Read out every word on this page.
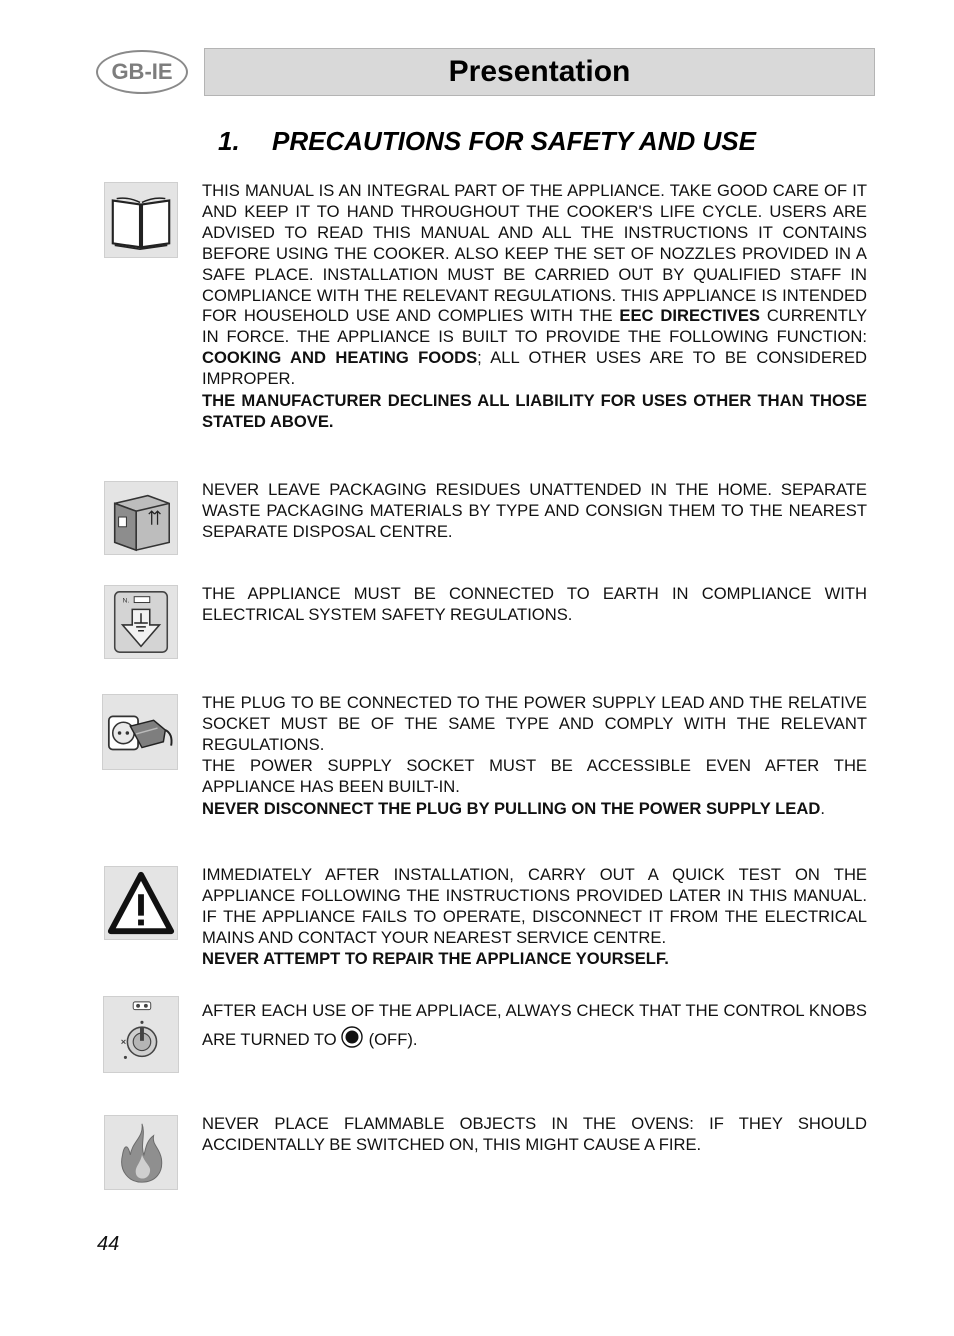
GB-IE	Presentation
1. PRECAUTIONS FOR SAFETY AND USE

THIS MANUAL IS AN INTEGRAL PART OF THE APPLIANCE. TAKE GOOD CARE OF IT AND KEEP IT TO HAND THROUGHOUT THE COOKER'S LIFE CYCLE. USERS ARE ADVISED TO READ THIS MANUAL AND ALL THE INSTRUCTIONS IT CONTAINS BEFORE USING THE COOKER. ALSO KEEP THE SET OF NOZZLES PROVIDED IN A SAFE PLACE. INSTALLATION MUST BE CARRIED OUT BY QUALIFIED STAFF IN COMPLIANCE WITH THE RELEVANT REGULATIONS. THIS APPLIANCE IS INTENDED FOR HOUSEHOLD USE AND COMPLIES WITH THE EEC DIRECTIVES CURRENTLY IN FORCE. THE APPLIANCE IS BUILT TO PROVIDE THE FOLLOWING FUNCTION: COOKING AND HEATING FOODS; ALL OTHER USES ARE TO BE CONSIDERED IMPROPER.

THE MANUFACTURER DECLINES ALL LIABILITY FOR USES OTHER THAN THOSE STATED ABOVE.

NEVER LEAVE PACKAGING RESIDUES UNATTENDED IN THE HOME. SEPARATE WASTE PACKAGING MATERIALS BY TYPE AND CONSIGN THEM TO THE NEAREST SEPARATE DISPOSAL CENTRE.

N.	THE APPLIANCE MUST BE CONNECTED TO EARTH IN COMPLIANCE WITH ELECTRICAL SYSTEM SAFETY REGULATIONS.

THE PLUG TO BE CONNECTED TO THE POWER SUPPLY LEAD AND THE RELATIVE SOCKET MUST BE OF THE SAME TYPE AND COMPLY WITH THE RELEVANT REGULATIONS.

THE POWER SUPPLY SOCKET MUST BE ACCESSIBLE EVEN AFTER THE APPLIANCE HAS BEEN BUILT-IN.

NEVER DISCONNECT THE PLUG BY PULLING ON THE POWER SUPPLY LEAD.

IMMEDIATELY AFTER INSTALLATION, CARRY OUT A QUICK TEST ON THE APPLIANCE FOLLOWING THE INSTRUCTIONS PROVIDED LATER IN THIS MANUAL. IF THE APPLIANCE FAILS TO OPERATE, DISCONNECT IT FROM THE ELECTRICAL MAINS AND CONTACT YOUR NEAREST SERVICE CENTRE.

NEVER ATTEMPT TO REPAIR THE APPLIANCE YOURSELF.

AFTER EACH USE OF THE APPLIACE, ALWAYS CHECK THAT THE CONTROL KNOBS ARE TURNED TO (OFF).

NEVER PLACE FLAMMABLE OBJECTS IN THE OVENS: IF THEY SHOULD ACCIDENTALLY BE SWITCHED ON, THIS MIGHT CAUSE A FIRE.

44
